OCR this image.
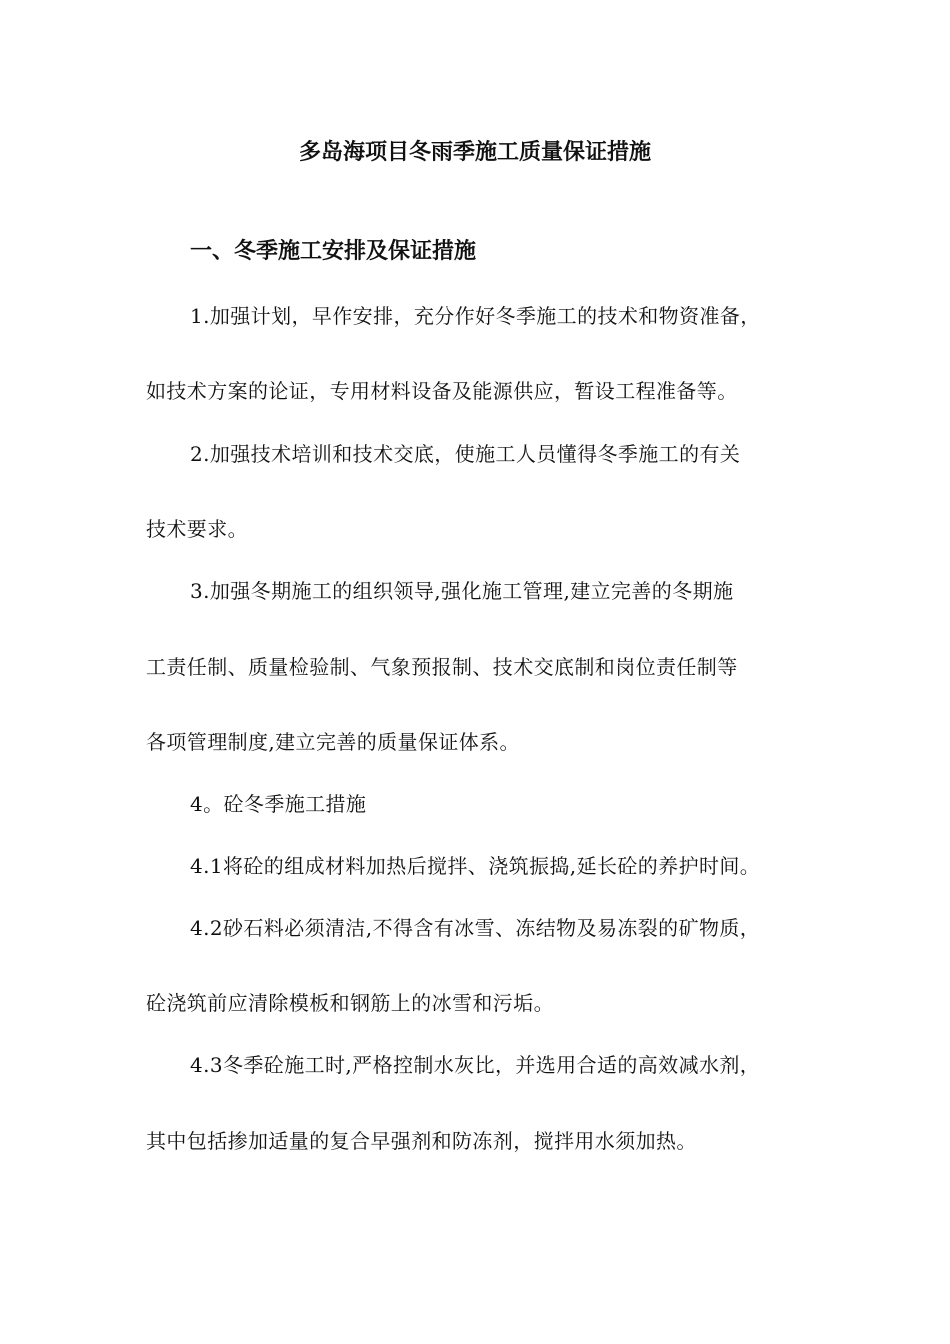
多岛海项目冬雨季施工质量保证措施
一、冬季施工安排及保证措施
1.加强计划，早作安排，充分作好冬季施工的技术和物资准备，
如技术方案的论证，专用材料设备及能源供应，暂设工程准备等。
2.加强技术培训和技术交底，使施工人员懂得冬季施工的有关
技术要求。
3.加强冬期施工的组织领导,强化施工管理,建立完善的冬期施
工责任制、质量检验制、气象预报制、技术交底制和岗位责任制等
各项管理制度,建立完善的质量保证体系。
4。砼冬季施工措施
4.1将砼的组成材料加热后搅拌、浇筑振捣,延长砼的养护时间。
4.2砂石料必须清洁,不得含有冰雪、冻结物及易冻裂的矿物质，
砼浇筑前应清除模板和钢筋上的冰雪和污垢。
4.3冬季砼施工时,严格控制水灰比，并选用合适的高效减水剂，
其中包括掺加适量的复合早强剂和防冻剂，搅拌用水须加热。
